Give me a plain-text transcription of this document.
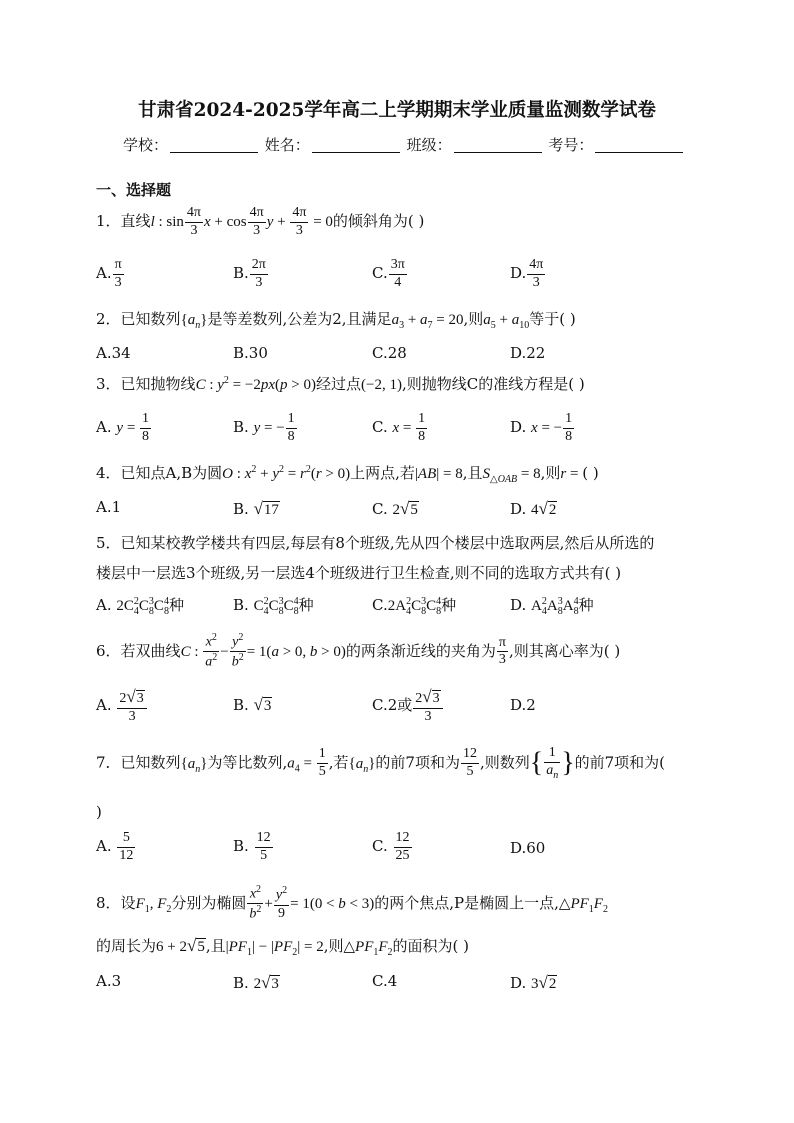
甘肃省2024-2025学年高二上学期期末学业质量监测数学试卷
学校：	姓名：	班级：	考号：
一、选择题
1．直线l : $\sin \frac{4\pi}{3}$ $x + \cos \frac{4\pi}{3}$ $y + \frac{4\pi}{3} = 0$的倾斜角为( )
A. $\frac{\pi}{3}$	B. $\frac{2\pi}{3}$	C. $\frac{3\pi}{4}$	D. $\frac{4\pi}{3}$
2．已知数列$\{a_n\}$是等差数列,公差为2,且满足$a_3 + a_7 = 20$,则$a_5 + a_{10}$等于( )
A.34	B.30	C.28	D.22
3．已知抛物线C : $y^2 = -2px(p > 0)$经过点(−2, 1),则抛物线C的准线方程是( )
A. $y = \frac{1}{8}$	B. y = − $\frac{1}{8}$	C. $x = \frac{1}{8}$	D. x = − $\frac{1}{8}$
4．已知点A,B为圆O : $x^2 + y^2 = r^2(r > 0)$上两点,若|AB| = 8,且$S_{\triangle OAB} = 8$,则r = ( )
A.1	B. √17	C. 2√5	D. 4√2
5．已知某校教学楼共有四层,每层有8个班级,先从四个楼层中选取两层,然后从所选的
楼层中一层选3个班级,另一层选4个班级进行卫生检查,则不同的选取方式共有( )
A. $2C^2_4C^3_8C^4_8$种	B. $C^2_4C^3_8C^4_8$种	$C.2A^2_4C^3_8C^4_8$种	D. $A^2_4A^3_8A^4_8$种
6．若双曲线C : $\frac{x^2}{a^2} - \frac{y^2}{b^2} = 1(a > 0$, b > 0)的两条渐近线的夹角为 $\frac{\pi}{3}$ ,则其离心率为( )
A. $\frac{2√3}{3}$	B. √3	C.2或 $\frac{2√3}{3}$	D.2
7．已知数列$\{a_n\}$为等比数列$,a_4 = \frac{1}{5}$ ,若$\{a_n\}$的前7项和为 $\frac{12}{5}$ ,则数列{ $\frac{1}{a_n}$ }的前7项和为(
)
A. $\frac{5}{12}$	B. $\frac{12}{5}$	C. $\frac{12}{25}$	D.60
8．设$F_1$, $F_2$分别为椭圆 $\frac{x^2}{b^2} + \frac{y^2}{9} = 1(0 < b < 3)$的两个焦点,P是椭圆上一点$,\triangle PF_1F_2$
的周长为6 + 2√5,且$|PF_1| - |PF_2| = 2$,则$\triangle PF_1F_2$的面积为( )
A.3	B. 2√3	C.4	D. 3√2
